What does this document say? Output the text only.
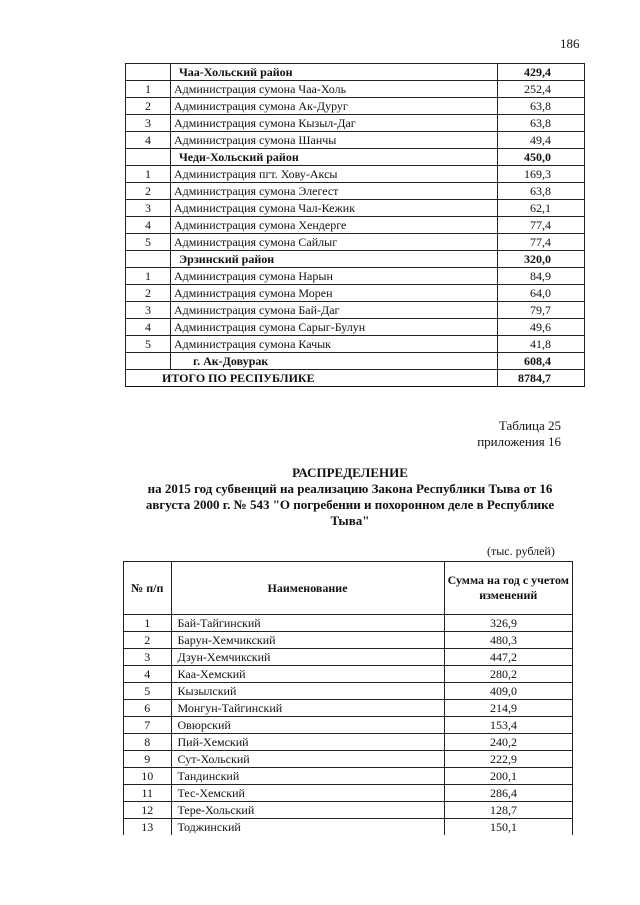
186
	Чаа-Хольский район	429,4
1	Администрация сумона Чаа-Холь	252,4
2	Администрация сумона Ак-Дуруг	63,8
3	Администрация сумона Кызыл-Даг	63,8
4	Администрация сумона Шанчы	49,4
	Чеди-Хольский район	450,0
1	Администрация пгт. Хову-Аксы	169,3
2	Администрация сумона Элегест	63,8
3	Администрация сумона Чал-Кежик	62,1
4	Администрация сумона Хендерге	77,4
5	Администрация сумона Сайлыг	77,4
	Эрзинский район	320,0
1	Администрация сумона Нарын	84,9
2	Администрация сумона Морен	64,0
3	Администрация сумона Бай-Даг	79,7
4	Администрация сумона Сарыг-Булун	49,6
5	Администрация сумона Качык	41,8
	г. Ак-Довурак	608,4
ИТОГО ПО РЕСПУБЛИКЕ		8784,7
Таблица 25
приложения 16
РАСПРЕДЕЛЕНИЕ
на 2015 год субвенций на реализацию Закона Республики Тыва от 16
августа 2000 г. № 543 "О погребении и похоронном деле в Республике
Тыва"
(тыс. рублей)
№ п/п	Наименование	Сумма на год с учетом изменений
1	Бай-Тайгинский	326,9
2	Барун-Хемчикский	480,3
3	Дзун-Хемчикский	447,2
4	Каа-Хемский	280,2
5	Кызылский	409,0
6	Монгун-Тайгинский	214,9
7	Овюрский	153,4
8	Пий-Хемский	240,2
9	Сут-Хольский	222,9
10	Тандинский	200,1
11	Тес-Хемский	286,4
12	Тере-Хольский	128,7
13	Тоджинский	150,1
